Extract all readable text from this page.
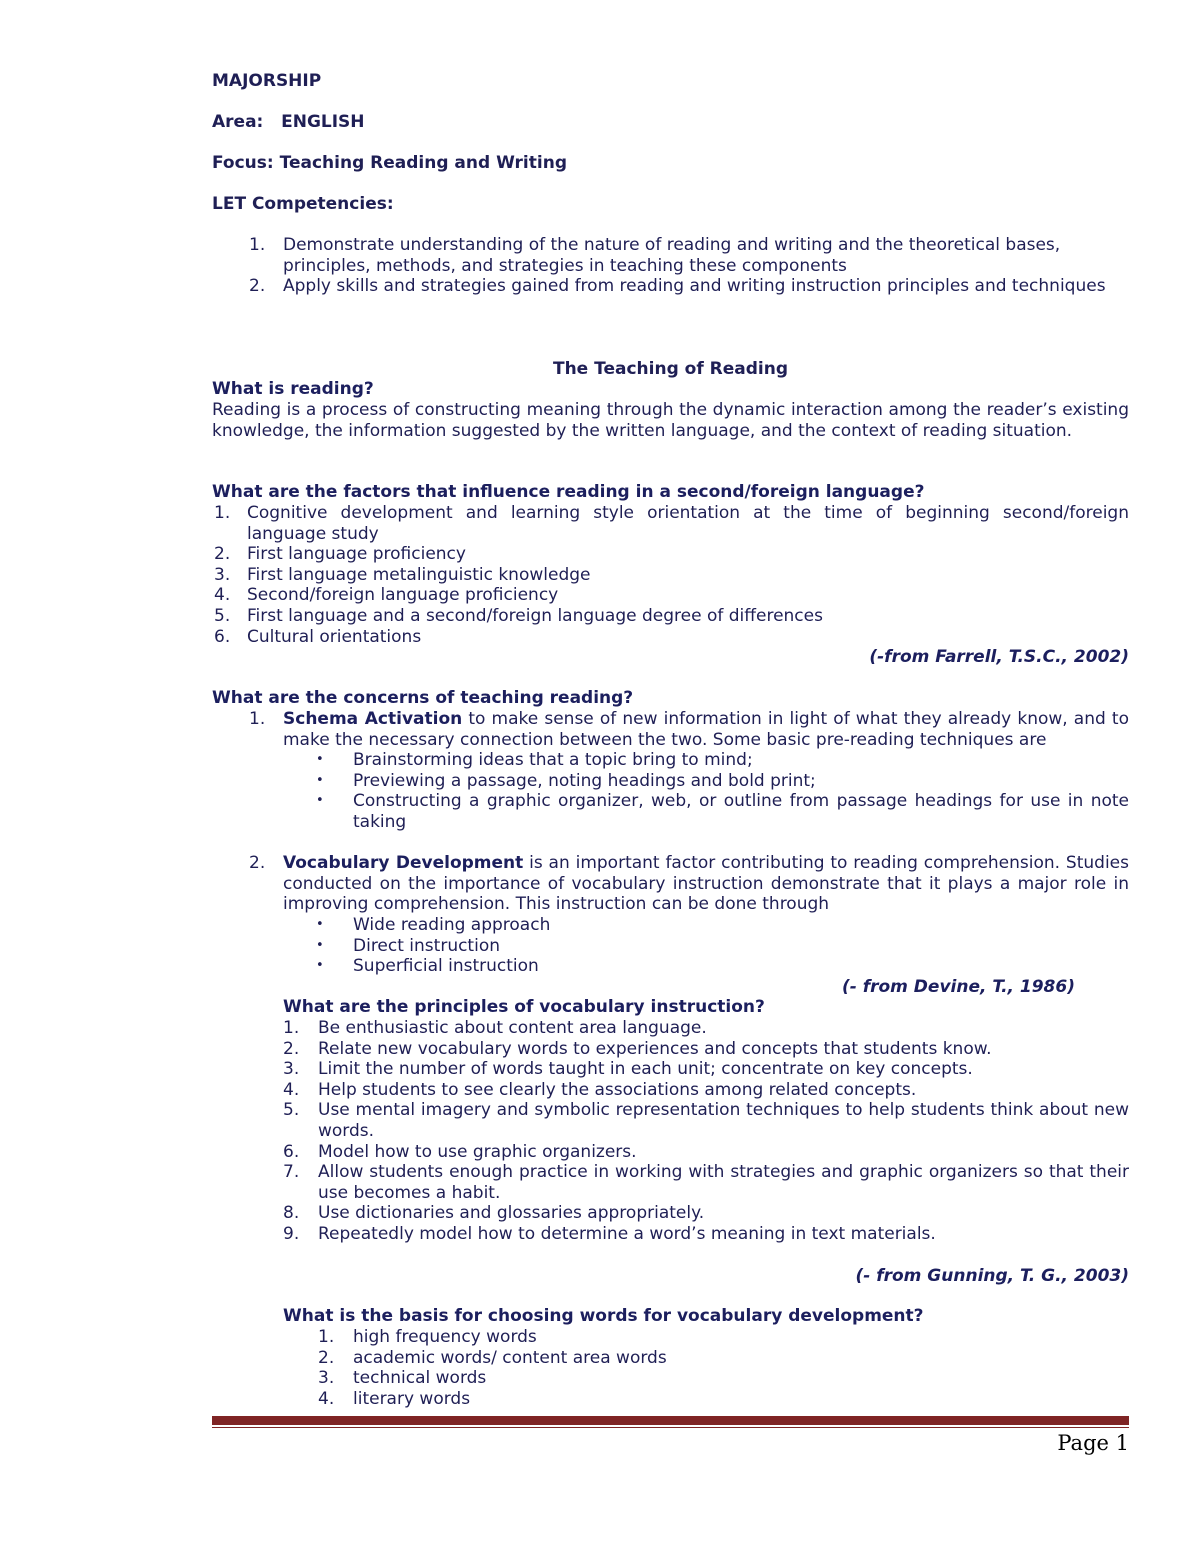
MAJORSHIP
Area: ENGLISH
Focus: Teaching Reading and Writing
LET Competencies:
1. Demonstrate understanding of the nature of reading and writing and the theoretical bases, principles, methods, and strategies in teaching these components
2. Apply skills and strategies gained from reading and writing instruction principles and techniques
The Teaching of Reading
What is reading?
Reading is a process of constructing meaning through the dynamic interaction among the reader’s existing knowledge, the information suggested by the written language, and the context of reading situation.
What are the factors that influence reading in a second/foreign language?
1. Cognitive development and learning style orientation at the time of beginning second/foreign language study
2. First language proficiency
3. First language metalinguistic knowledge
4. Second/foreign language proficiency
5. First language and a second/foreign language degree of differences
6. Cultural orientations
(-from Farrell, T.S.C., 2002)
What are the concerns of teaching reading?
1. Schema Activation to make sense of new information in light of what they already know, and to make the necessary connection between the two. Some basic pre-reading techniques are
• Brainstorming ideas that a topic bring to mind;
• Previewing a passage, noting headings and bold print;
• Constructing a graphic organizer, web, or outline from passage headings for use in note taking
2. Vocabulary Development is an important factor contributing to reading comprehension. Studies conducted on the importance of vocabulary instruction demonstrate that it plays a major role in improving comprehension. This instruction can be done through
• Wide reading approach
• Direct instruction
• Superficial instruction
(- from Devine, T., 1986)
What are the principles of vocabulary instruction?
1. Be enthusiastic about content area language.
2. Relate new vocabulary words to experiences and concepts that students know.
3. Limit the number of words taught in each unit; concentrate on key concepts.
4. Help students to see clearly the associations among related concepts.
5. Use mental imagery and symbolic representation techniques to help students think about new words.
6. Model how to use graphic organizers.
7. Allow students enough practice in working with strategies and graphic organizers so that their use becomes a habit.
8. Use dictionaries and glossaries appropriately.
9. Repeatedly model how to determine a word’s meaning in text materials.
(- from Gunning, T. G., 2003)
What is the basis for choosing words for vocabulary development?
1. high frequency words
2. academic words/ content area words
3. technical words
4. literary words
Page 1
